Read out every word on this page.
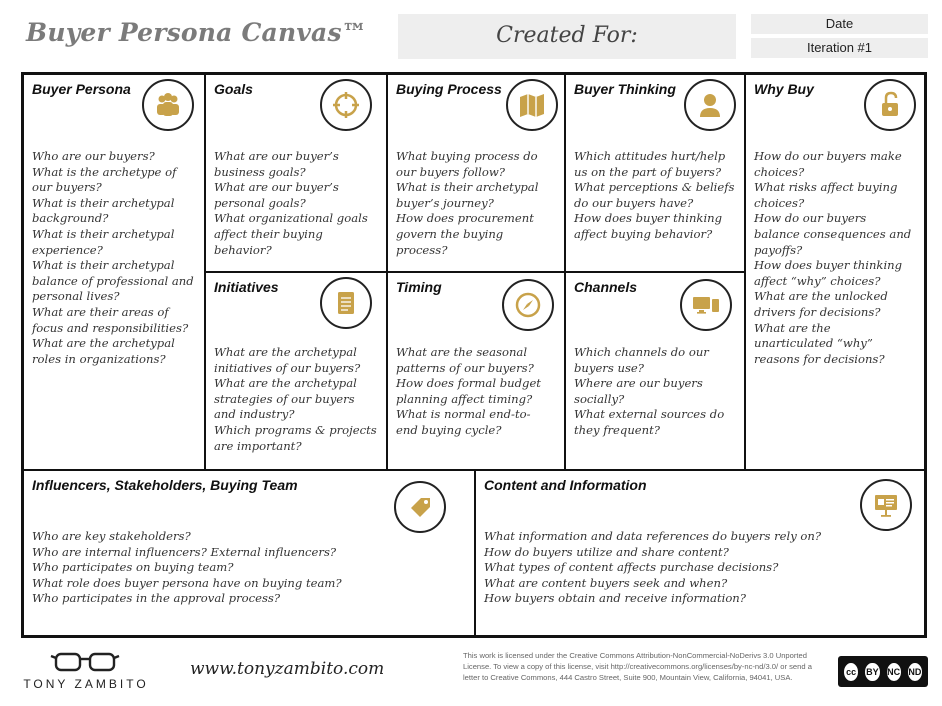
Buyer Persona Canvas™	Created For:	Date
Iteration #1
Buyer Persona
Who are our buyers?
What is the archetype of
our buyers?
What is their archetypal
background?
What is their archetypal
experience?
What is their archetypal
balance of professional and
personal lives?
What are their areas of
focus and responsibilities?
What are the archetypal
roles in organizations?
Goals
What are our buyer’s
business goals?
What are our buyer’s
personal goals?
What organizational goals
affect their buying
behavior?
Buying Process
What buying process do
our buyers follow?
What is their archetypal
buyer’s journey?
How does procurement
govern the buying
process?
Buyer Thinking
Which attitudes hurt/help
us on the part of buyers?
What perceptions & beliefs
do our buyers have?
How does buyer thinking
affect buying behavior?
Why Buy
How do our buyers make
choices?
What risks affect buying
choices?
How do our buyers
balance consequences and
payoffs?
How does buyer thinking
affect “why” choices?
What are the unlocked
drivers for decisions?
What are the
unarticulated “why”
reasons for decisions?
Initiatives
What are the archetypal
initiatives of our buyers?
What are the archetypal
strategies of our buyers
and industry?
Which programs & projects
are important?
Timing
What are the seasonal
patterns of our buyers?
How does formal budget
planning affect timing?
What is normal end-to-
end buying cycle?
Channels
Which channels do our
buyers use?
Where are our buyers
socially?
What external sources do
they frequent?
Influencers, Stakeholders, Buying Team
Who are key stakeholders?
Who are internal influencers? External influencers?
Who participates on buying team?
What role does buyer persona have on buying team?
Who participates in the approval process?
Content and Information
What information and data references do buyers rely on?
How do buyers utilize and share content?
What types of content affects purchase decisions?
What are content buyers seek and when?
How buyers obtain and receive information?
TONY ZAMBITO
www.tonyzambito.com
This work is licensed under the Creative Commons Attribution-NonCommercial-NoDerivs 3.0 Unported License. To view a copy of this license, visit http://creativecommons.org/licenses/by-nc-nd/3.0/ or send a letter to Creative Commons, 444 Castro Street, Suite 900, Mountain View, California, 94041, USA.
cc	BY NC ND
